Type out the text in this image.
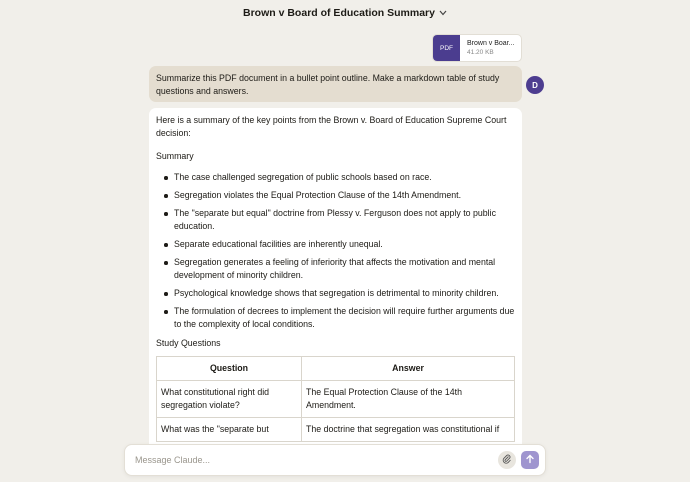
Brown v Board of Education Summary
PDF
Brown v Boar...
41.20 KB
Summarize this PDF document in a bullet point outline. Make a markdown table of study questions and answers.
D
Here is a summary of the key points from the Brown v. Board of Education Supreme Court decision:
Summary
The case challenged segregation of public schools based on race.
Segregation violates the Equal Protection Clause of the 14th Amendment.
The "separate but equal" doctrine from Plessy v. Ferguson does not apply to public education.
Separate educational facilities are inherently unequal.
Segregation generates a feeling of inferiority that affects the motivation and mental development of minority children.
Psychological knowledge shows that segregation is detrimental to minority children.
The formulation of decrees to implement the decision will require further arguments due to the complexity of local conditions.
Study Questions
Question	Answer
What constitutional right did segregation violate?	The Equal Protection Clause of the 14th Amendment.
What was the "separate but	The doctrine that segregation was constitutional if
Message Claude...
